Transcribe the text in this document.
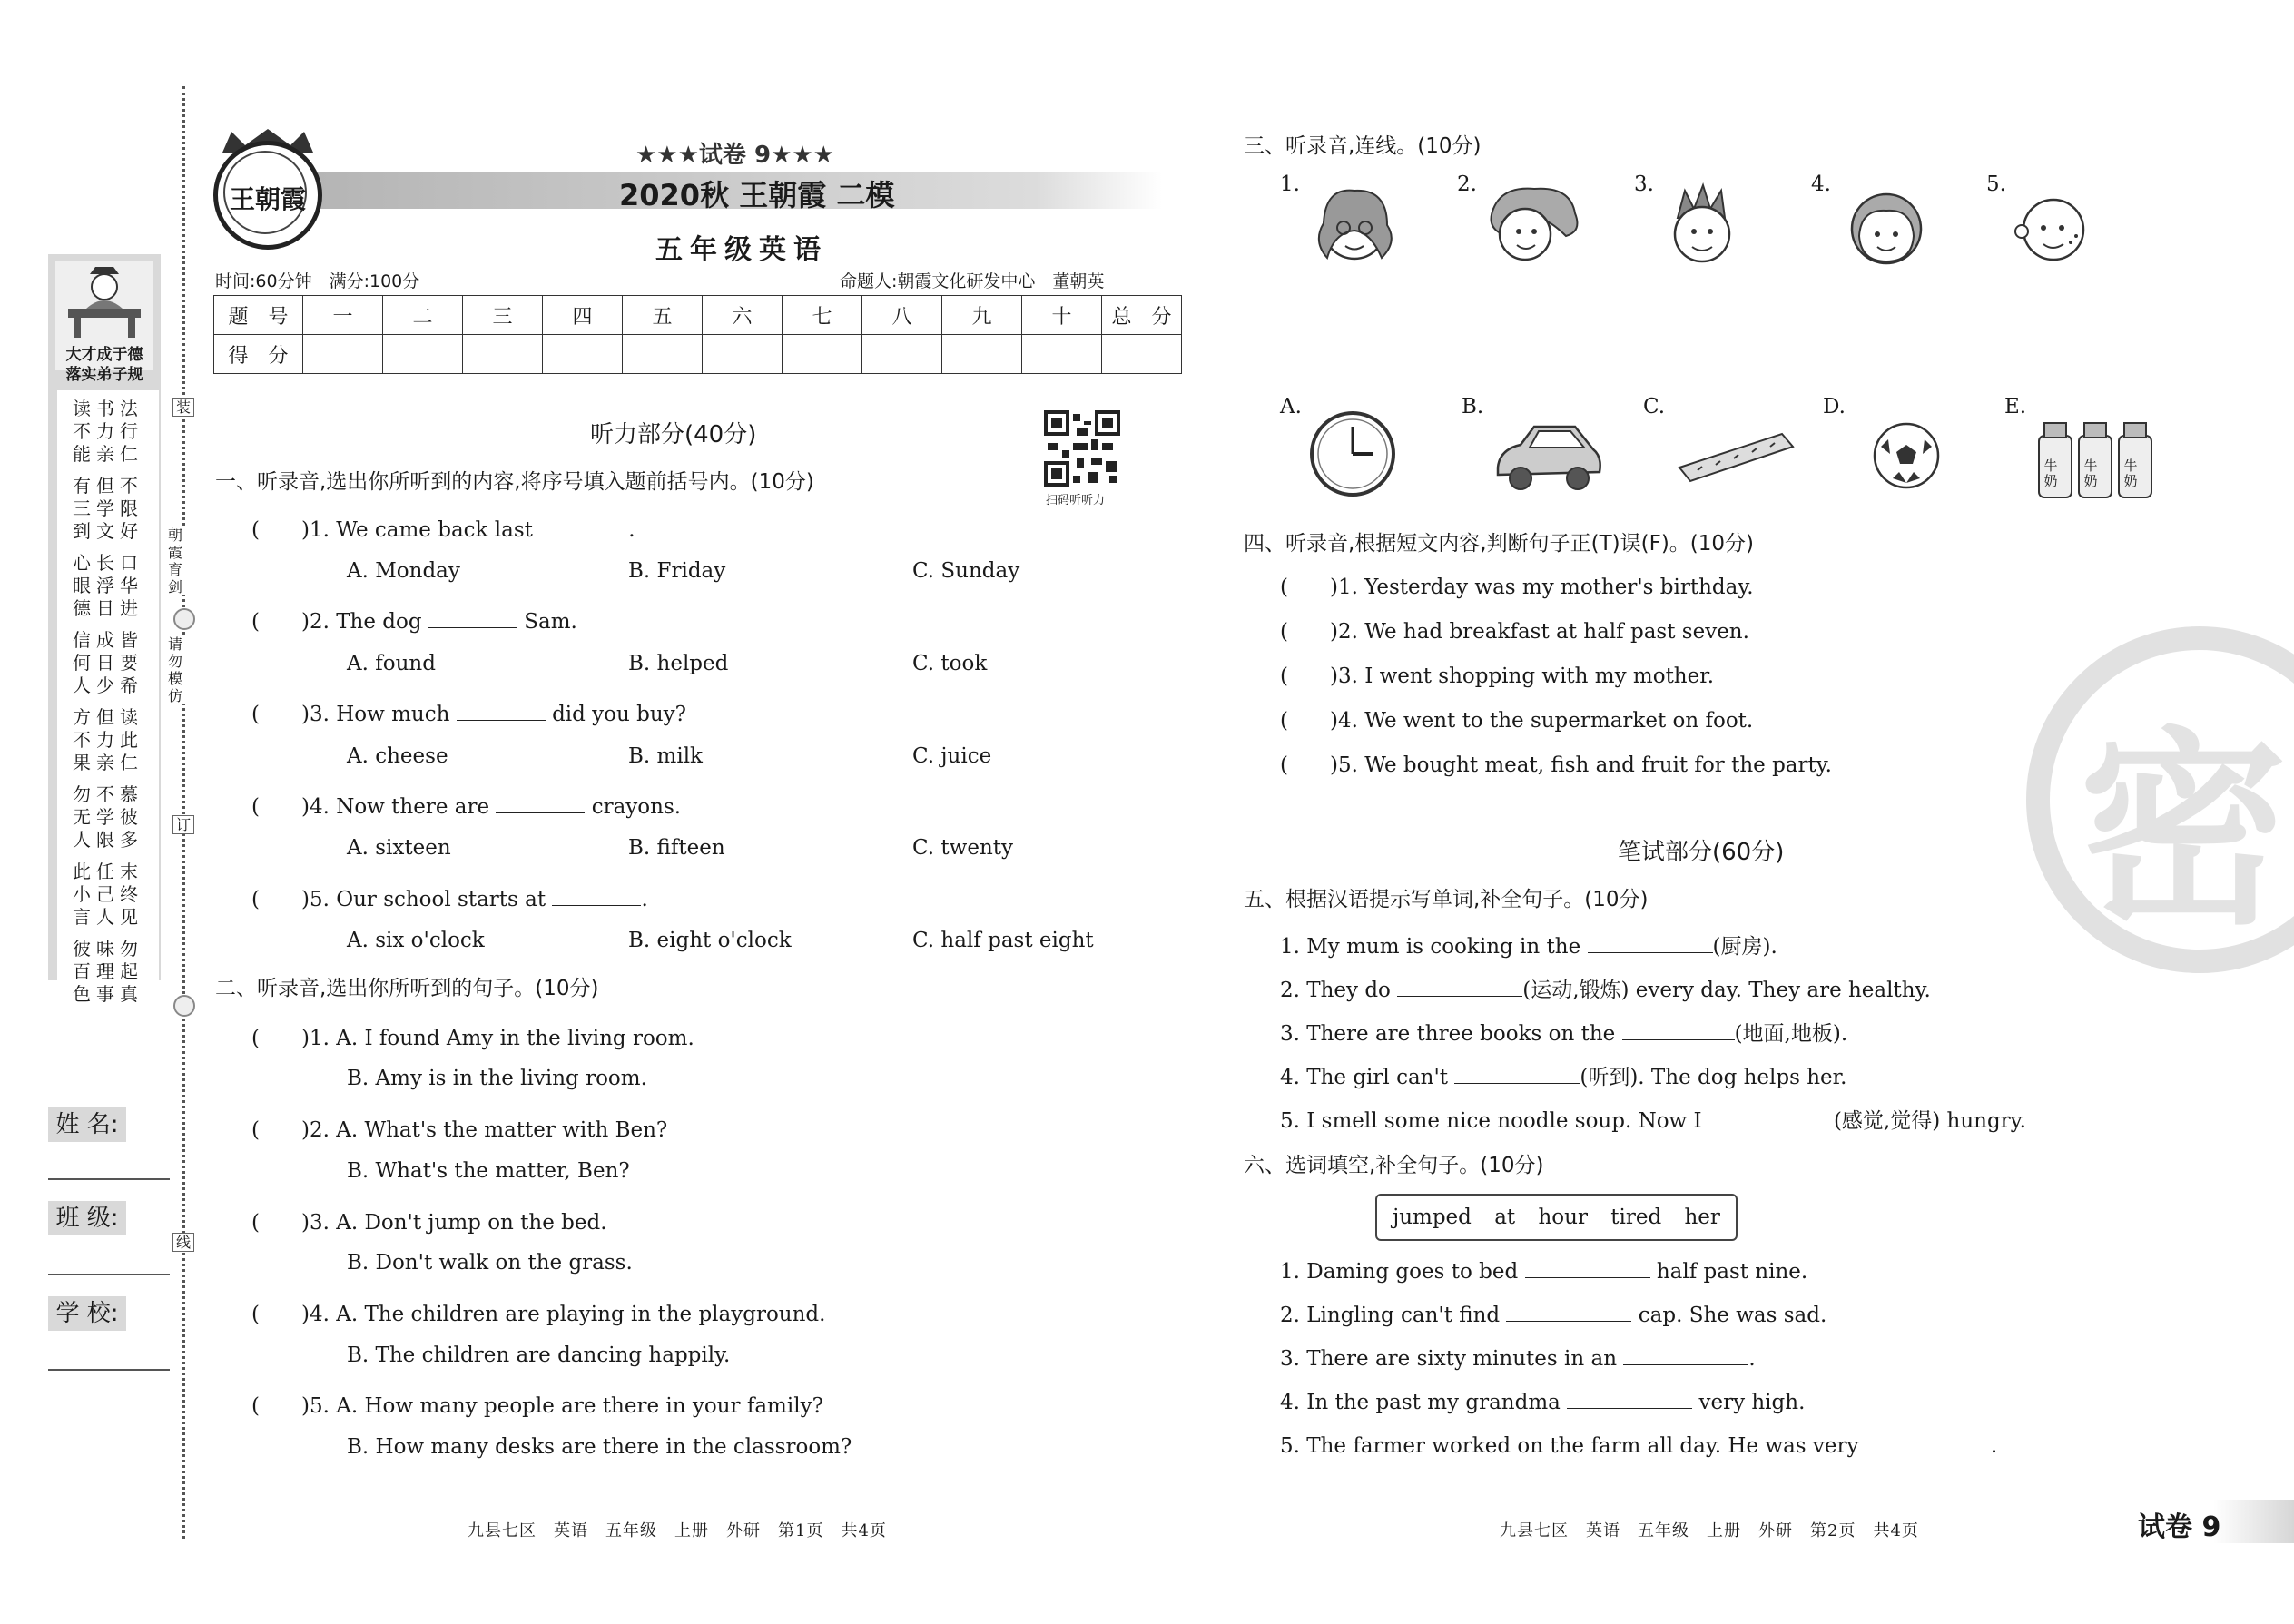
大才成于德
落实弟子规
读书法
不力行
能亲仁
有但不
三学限
到文好
心长口
眼浮华
德日进
信成皆
何日要
人少希
方但读
不力此
果亲仁
勿不慕
无学彼
人限多
此任末
小己终
言人见
彼味勿
百理起
色事真
装
朝霞育剑
请勿模仿
订
线
姓 名:
班 级:
学 校:
王朝霞
★★★试卷 9★★★
2020秋 王朝霞 二模
五年级英语
时间:60分钟　满分:100分	命题人:朝霞文化研发中心　董朝英
题　号	一	二	三	四	五	六	七	八	九	十	总　分
得　分											
听力部分(40分)
扫码听听力
一、听录音,选出你所听到的内容,将序号填入题前括号内。(10分)
(　　)1. We came back last	.
A. Monday	B. Friday	C. Sunday
(　　)2. The dog	Sam.
A. found	B. helped	C. took
(　　)3. How much	did you buy?
A. cheese	B. milk	C. juice
(　　)4. Now there are	crayons.
A. sixteen	B. fifteen	C. twenty
(　　)5. Our school starts at	.
A. six o'clock	B. eight o'clock	C. half past eight
二、听录音,选出你所听到的句子。(10分)
(　　)1. A. I found Amy in the living room.
B. Amy is in the living room.
(　　)2. A. What's the matter with Ben?
B. What's the matter, Ben?
(　　)3. A. Don't jump on the bed.
B. Don't walk on the grass.
(　　)4. A. The children are playing in the playground.
B. The children are dancing happily.
(　　)5. A. How many people are there in your family?
B. How many desks are there in the classroom?
九县七区　英语　五年级　上册　外研　第1页　共4页
密
三、听录音,连线。(10分)
1.	2.	3.	4.	5.
A.	B.	C.	D.	E.
牛奶
牛奶
牛奶
四、听录音,根据短文内容,判断句子正(T)误(F)。(10分)
(　　)1. Yesterday was my mother's birthday.
(　　)2. We had breakfast at half past seven.
(　　)3. I went shopping with my mother.
(　　)4. We went to the supermarket on foot.
(　　)5. We bought meat, fish and fruit for the party.
笔试部分(60分)
五、根据汉语提示写单词,补全句子。(10分)
1. My mum is cooking in the	(厨房).
2. They do	(运动,锻炼) every day. They are healthy.
3. There are three books on the	(地面,地板).
4. The girl can't	(听到). The dog helps her.
5. I smell some nice noodle soup. Now I	(感觉,觉得) hungry.
六、选词填空,补全句子。(10分)
jumped at hour tired her
1. Daming goes to bed	half past nine.
2. Lingling can't find	cap. She was sad.
3. There are sixty minutes in an	.
4. In the past my grandma	very high.
5. The farmer worked on the farm all day. He was very	.
九县七区　英语　五年级　上册　外研　第2页　共4页	试卷 9
